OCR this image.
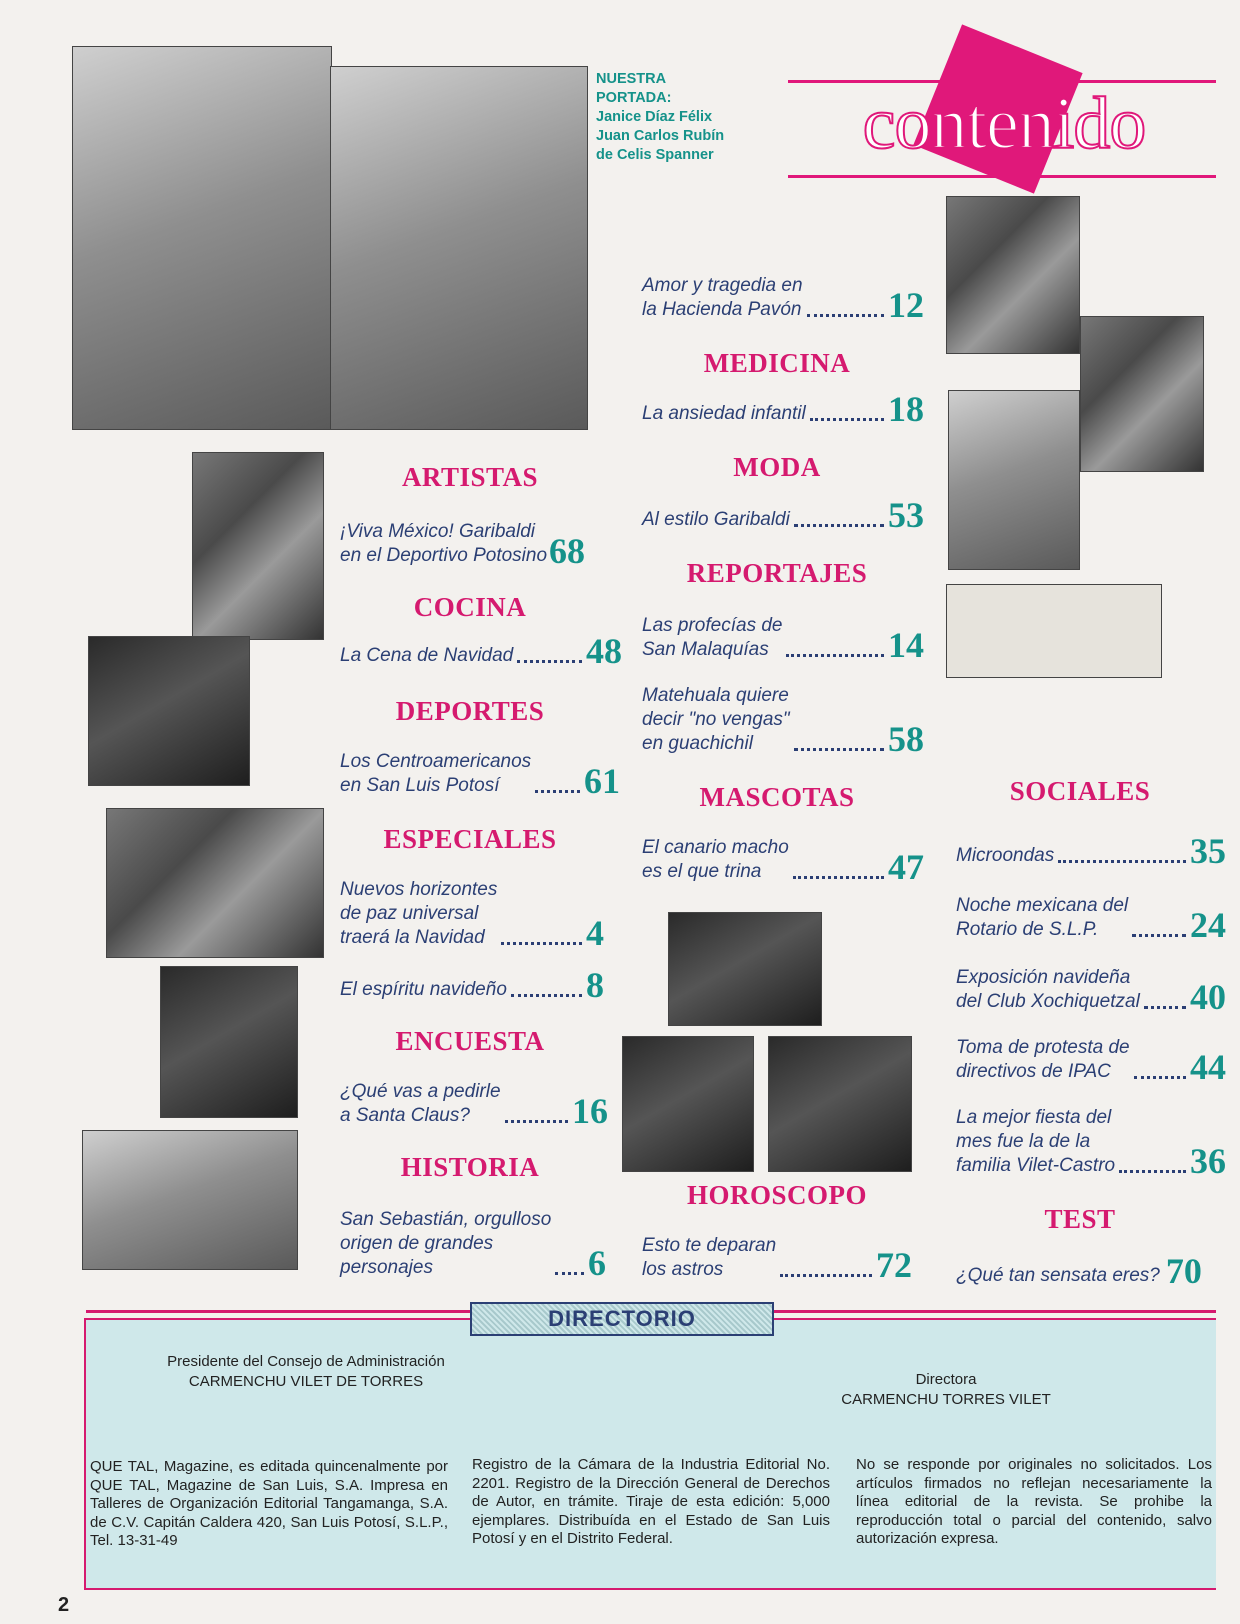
NUESTRA
PORTADA:
Janice Díaz Félix
Juan Carlos Rubín
de Celis Spanner	contenido
ARTISTAS
¡Viva México! Garibaldi
en el Deportivo Potosino 68
COCINA
La Cena de Navidad 48
DEPORTES
Los Centroamericanos
en San Luis Potosí	61
ESPECIALES
Nuevos horizontes
de paz universal
traerá la Navidad	4
El espíritu navideño 8
ENCUESTA
¿Qué vas a pedirle
a Santa Claus?	16
HISTORIA
San Sebastián, orgulloso
origen de grandes
personajes	6
Amor y tragedia en
la Hacienda Pavón 12
MEDICINA
La ansiedad infantil 18
MODA
Al estilo Garibaldi	53
REPORTAJES
Las profecías de
San Malaquías	14
Matehuala quiere
decir "no vengas"
en guachichil	58
MASCOTAS
El canario macho
es el que trina	47
HOROSCOPO
Esto te deparan
los astros	72
SOCIALES
Microondas	35
Noche mexicana del
Rotario de S.L.P.	24
Exposición navideña
del Club Xochiquetzal 40
Toma de protesta de
directivos de IPAC	44
La mejor fiesta del
mes fue la de la
familia Vilet-Castro 36
TEST
¿Qué tan sensata eres? 70
Presidente del Consejo de Administración
CARMENCHU VILET DE TORRES	Directora
CARMENCHU TORRES VILET
QUE TAL, Magazine, es editada quincenalmente por QUE TAL, Magazine de San Luis, S.A. Impresa en Talleres de Organización Editorial Tangamanga, S.A. de C.V. Capitán Caldera 420, San Luis Potosí, S.L.P., Tel. 13-31-49
Registro de la Cámara de la Industria Editorial No. 2201. Registro de la Dirección General de Derechos de Autor, en trámite. Tiraje de esta edición: 5,000 ejemplares. Distribuída en el Estado de San Luis Potosí y en el Distrito Federal.
No se responde por originales no solicitados. Los artículos firmados no reflejan necesariamente la línea editorial de la revista. Se prohibe la reproducción total o parcial del contenido, salvo autorización expresa.
DIRECTORIO
2
